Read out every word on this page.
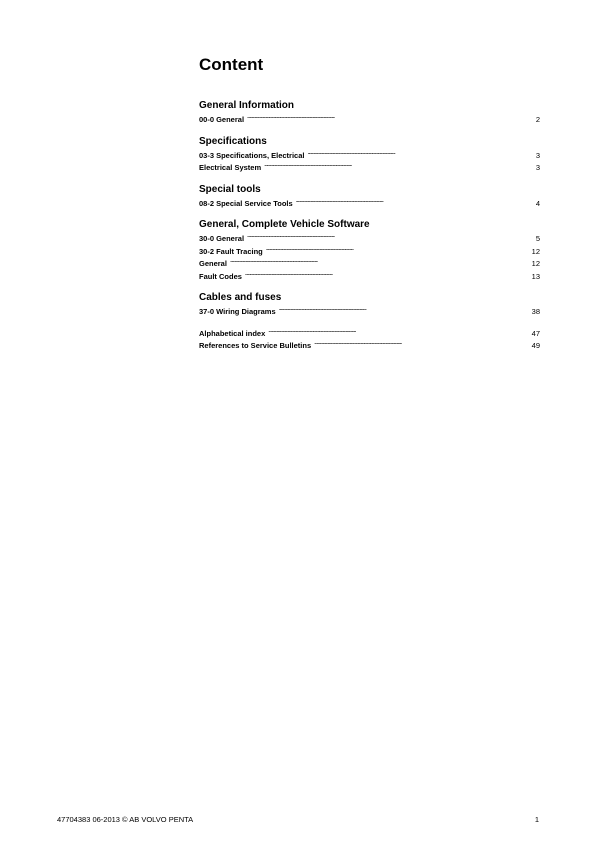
Content
General Information
00-0 General . . .	2
Specifications
03-3 Specifications, Electrical . . .	3
Electrical System . . .	3
Special tools
08-2 Special Service Tools . . .	4
General, Complete Vehicle Software
30-0 General . . .	5
30-2 Fault Tracing . . .	12
General . . .	12
Fault Codes . . .	13
Cables and fuses
37-0 Wiring Diagrams . . .	38
Alphabetical index . . .	47
References to Service Bulletins . . .	49
47704383 06-2013 © AB VOLVO PENTA	1
